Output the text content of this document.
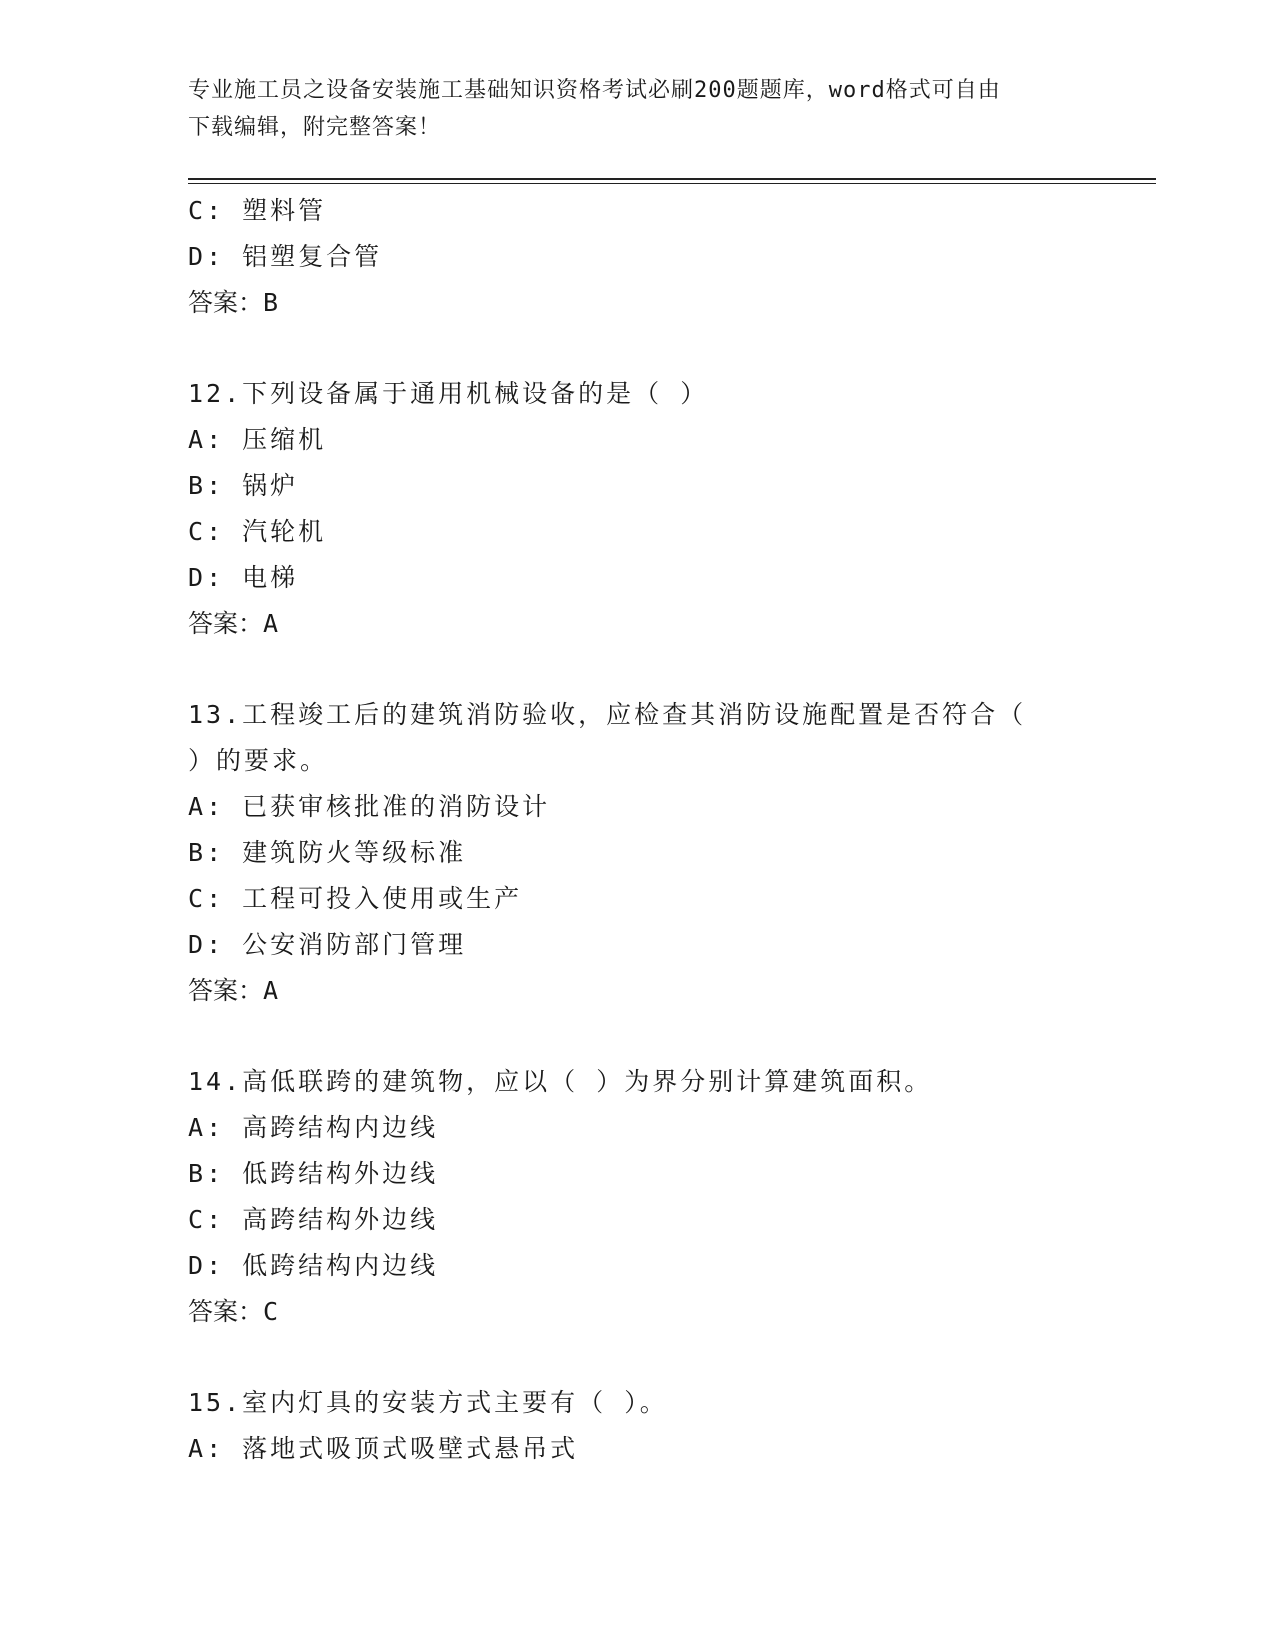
专业施工员之设备安装施工基础知识资格考试必刷200题题库，word格式可自由
下载编辑，附完整答案！
C: 塑料管
D: 铝塑复合管
答案：B
12.下列设备属于通用机械设备的是（ ）
A: 压缩机
B: 锅炉
C: 汽轮机
D: 电梯
答案：A
13.工程竣工后的建筑消防验收，应检查其消防设施配置是否符合（
）的要求。
A: 已获审核批准的消防设计
B: 建筑防火等级标准
C: 工程可投入使用或生产
D: 公安消防部门管理
答案：A
14.高低联跨的建筑物，应以（ ）为界分别计算建筑面积。
A: 高跨结构内边线
B: 低跨结构外边线
C: 高跨结构外边线
D: 低跨结构内边线
答案：C
15.室内灯具的安装方式主要有（ ）。
A: 落地式吸顶式吸壁式悬吊式
